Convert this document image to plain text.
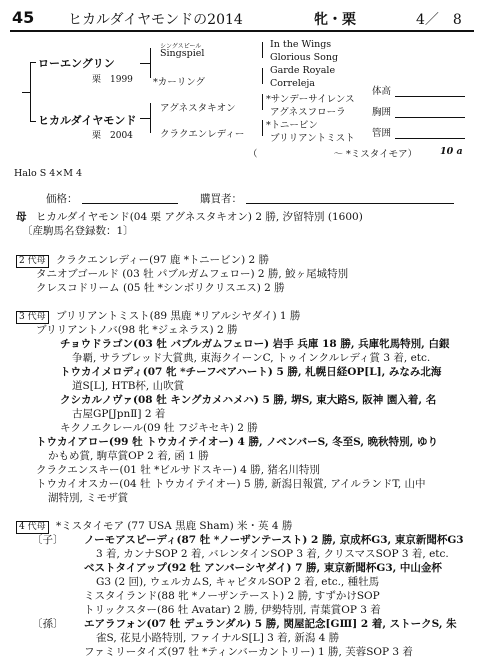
45 ヒカルダイヤモンドの2014	牝・栗	4／　8
ローエングリン
栗　1999
ヒカルダイヤモンド
栗　2004
シングスピール
Singspiel
*カーリング
アグネスタキオン
クラクエンレディー
In the Wings
Glorious Song
Garde Royale
Correleja
*サンデーサイレンス
アグネスフローラ
*トニービン
ブリリアントミスト
体高
胸囲
管囲
（　　　　　　　　～ *ミスタイモア） 10 a
Halo S 4×M 4
価格：	購買者：
母 ヒカルダイヤモンド(04 栗 アグネスタキオン) 2 勝, 汐留特別 (1600)
〔産駒馬名登録数：1〕
2 代母 クラクエンレディー(97 鹿 *トニービン) 2 勝
タニオブゴールド (03 牡 パブルガムフェロー) 2 勝, 鮫ヶ尾城特別
クレスコドリーム (05 牡 *シンボリクリスエス) 2 勝
3 代母 ブリリアントミスト(89 黒鹿 *リアルシヤダイ) 1 勝
ブリリアントノバ(98 牝 *ジェネラス) 2 勝
チョウドラゴン(03 牡 バブルガムフェロー) 岩手 兵庫 18 勝, 兵庫牝馬特別, 白銀
争覇, サラブレッド大賞典, 東海クイーンC, トゥインクルレディ賞 3 着, etc.
トウカイメロディ(07 牝 *チーフベアハート) 5 勝, 札幌日経OP[L], みなみ北海
道S[L], HTB杯, 山吹賞
クシカルノヴァ(08 牡 キングカメハメハ) 5 勝, 堺S, 東大路S, 阪神 園入着, 名
古屋GP[JpnⅡ] 2 着
キクノエクレール(09 牡 フジキセキ) 2 勝
トウカイアロー(99 牡 トウカイテイオー) 4 勝, ノベンバーS, 冬至S, 晩秋特別, ゆり
かもめ賞, 駒草賞OP 2 着, 函 1 勝
クラクエンスキー(01 牡 *ビルサドスキー) 4 勝, 猪名川特別
トウカイオスカー(04 牡 トウカイテイオー) 5 勝, 新潟日報賞, アイルランドT, 山中
湖特別, ミモザ賞
4 代母 *ミスタイモア (77 USA 黒鹿 Sham) 米・英 4 勝
〔子〕 ノーモアスピーディ(87 牡 *ノーザンテースト) 2 勝, 京成杯G3, 東京新聞杯G3
3 着, カンナSOP 2 着, バレンタインSOP 3 着, クリスマスSOP 3 着, etc.
ベストタイアップ(92 牡 アンバーシヤダイ) 7 勝, 東京新聞杯G3, 中山金杯
G3 (2 回), ウェルカムS, キャピタルSOP 2 着, etc., 種牡馬
ミスタイランド(88 牝 *ノーザンテースト) 2 勝, すずかけSOP
トリックスター(86 牡 Avatar) 2 勝, 伊勢特別, 青葉賞OP 3 着
〔孫〕 エアラフォン(07 牡 デュランダル) 5 勝, 関屋記念[GⅢ] 2 着, ストークS, 朱
雀S, 花見小路特別, ファイナルS[L] 3 着, 新潟 4 勝
ファミリータイズ(97 牡 *ティンバーカントリー) 1 勝, 芙蓉SOP 3 着
